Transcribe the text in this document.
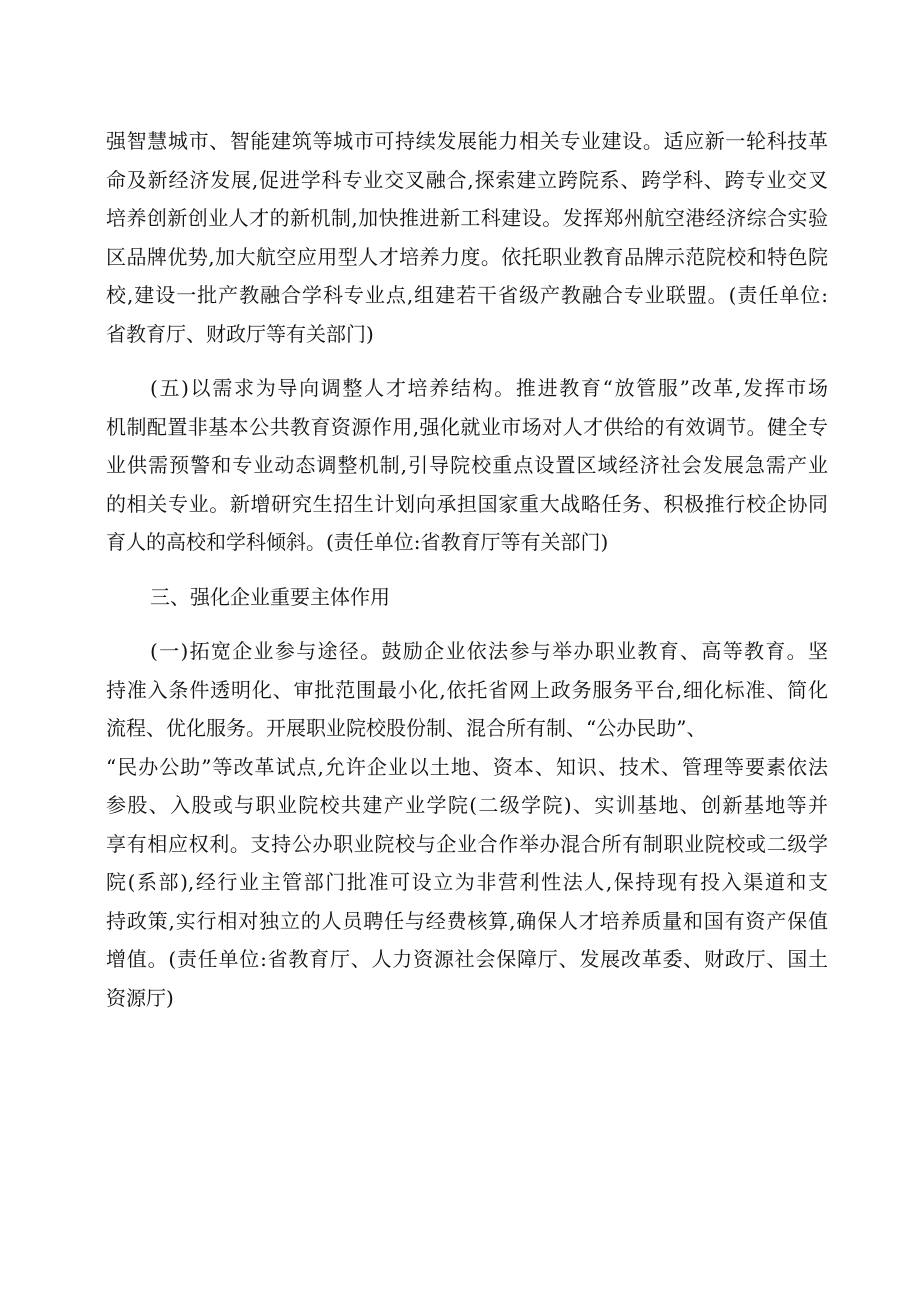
强智慧城市、智能建筑等城市可持续发展能力相关专业建设。适应新一轮科技革
命及新经济发展,促进学科专业交叉融合,探索建立跨院系、跨学科、跨专业交叉
培养创新创业人才的新机制,加快推进新工科建设。发挥郑州航空港经济综合实验
区品牌优势,加大航空应用型人才培养力度。依托职业教育品牌示范院校和特色院
校,建设一批产教融合学科专业点,组建若干省级产教融合专业联盟。(责任单位:
省教育厅、财政厅等有关部门)
(五)以需求为导向调整人才培养结构。推进教育“放管服”改革,发挥市场
机制配置非基本公共教育资源作用,强化就业市场对人才供给的有效调节。健全专
业供需预警和专业动态调整机制,引导院校重点设置区域经济社会发展急需产业
的相关专业。新增研究生招生计划向承担国家重大战略任务、积极推行校企协同
育人的高校和学科倾斜。(责任单位:省教育厅等有关部门)
三、强化企业重要主体作用
(一)拓宽企业参与途径。鼓励企业依法参与举办职业教育、高等教育。坚
持准入条件透明化、审批范围最小化,依托省网上政务服务平台,细化标准、简化
流程、优化服务。开展职业院校股份制、混合所有制、“公办民助”、
“民办公助”等改革试点,允许企业以土地、资本、知识、技术、管理等要素依法
参股、入股或与职业院校共建产业学院(二级学院)、实训基地、创新基地等并
享有相应权利。支持公办职业院校与企业合作举办混合所有制职业院校或二级学
院(系部),经行业主管部门批准可设立为非营利性法人,保持现有投入渠道和支
持政策,实行相对独立的人员聘任与经费核算,确保人才培养质量和国有资产保值
增值。(责任单位:省教育厅、人力资源社会保障厅、发展改革委、财政厅、国土
资源厅)
